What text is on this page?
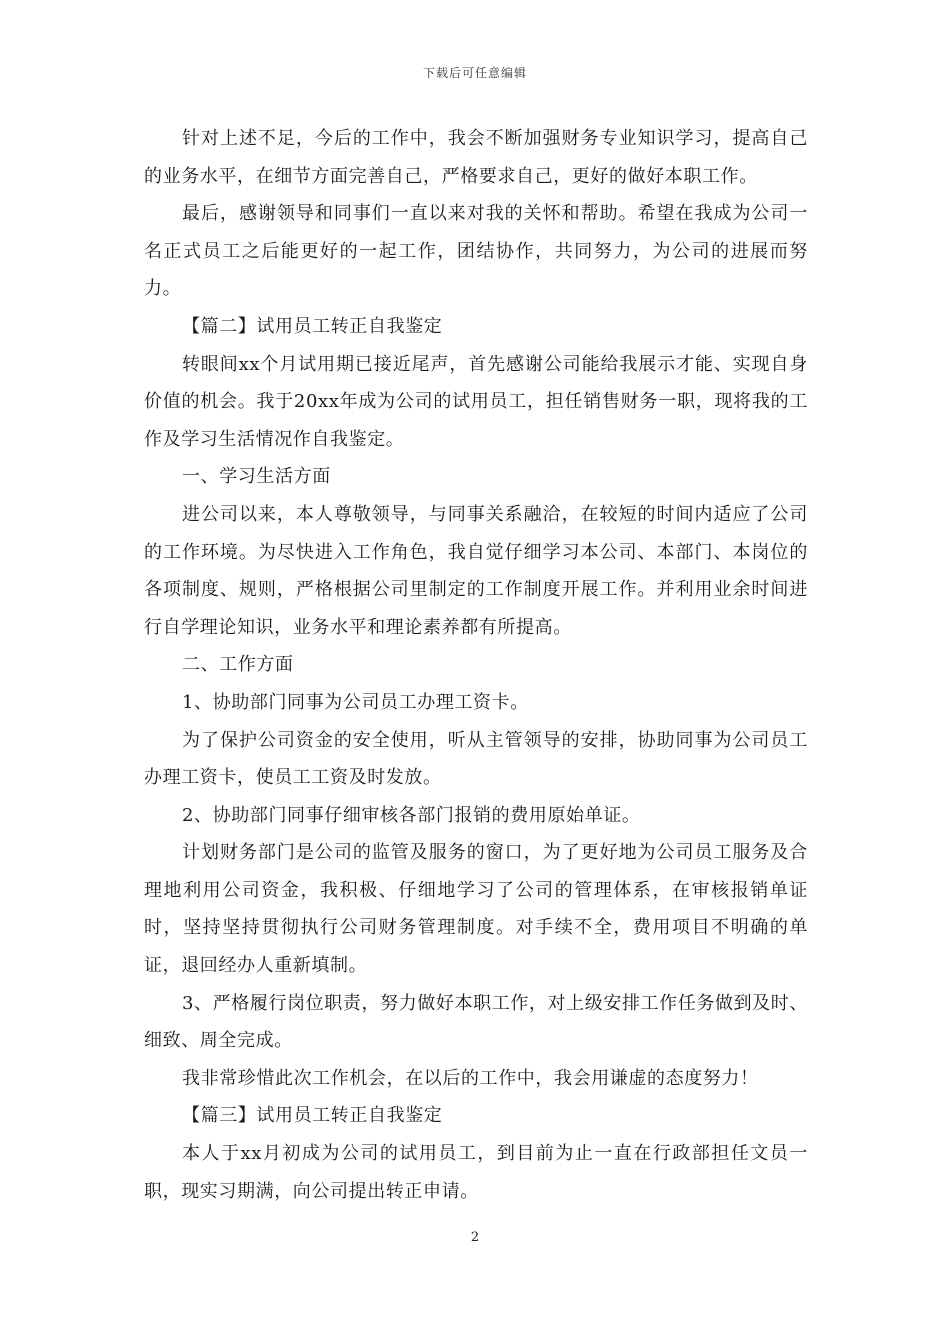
下载后可任意编辑

针对上述不足，今后的工作中，我会不断加强财务专业知识学习，提高自己的业务水平，在细节方面完善自己，严格要求自己，更好的做好本职工作。

最后，感谢领导和同事们一直以来对我的关怀和帮助。希望在我成为公司一名正式员工之后能更好的一起工作，团结协作，共同努力，为公司的进展而努力。

【篇二】试用员工转正自我鉴定

转眼间xx个月试用期已接近尾声，首先感谢公司能给我展示才能、实现自身价值的机会。我于20xx年成为公司的试用员工，担任销售财务一职，现将我的工作及学习生活情况作自我鉴定。

一、学习生活方面

进公司以来，本人尊敬领导，与同事关系融洽，在较短的时间内适应了公司的工作环境。为尽快进入工作角色，我自觉仔细学习本公司、本部门、本岗位的各项制度、规则，严格根据公司里制定的工作制度开展工作。并利用业余时间进行自学理论知识，业务水平和理论素养都有所提高。

二、工作方面

1、协助部门同事为公司员工办理工资卡。

为了保护公司资金的安全使用，听从主管领导的安排，协助同事为公司员工办理工资卡，使员工工资及时发放。

2、协助部门同事仔细审核各部门报销的费用原始单证。

计划财务部门是公司的监管及服务的窗口，为了更好地为公司员工服务及合理地利用公司资金，我积极、仔细地学习了公司的管理体系，在审核报销单证时，坚持坚持贯彻执行公司财务管理制度。对手续不全，费用项目不明确的单证，退回经办人重新填制。

3、严格履行岗位职责，努力做好本职工作，对上级安排工作任务做到及时、细致、周全完成。

我非常珍惜此次工作机会，在以后的工作中，我会用谦虚的态度努力！

【篇三】试用员工转正自我鉴定

本人于xx月初成为公司的试用员工，到目前为止一直在行政部担任文员一职，现实习期满，向公司提出转正申请。

2
